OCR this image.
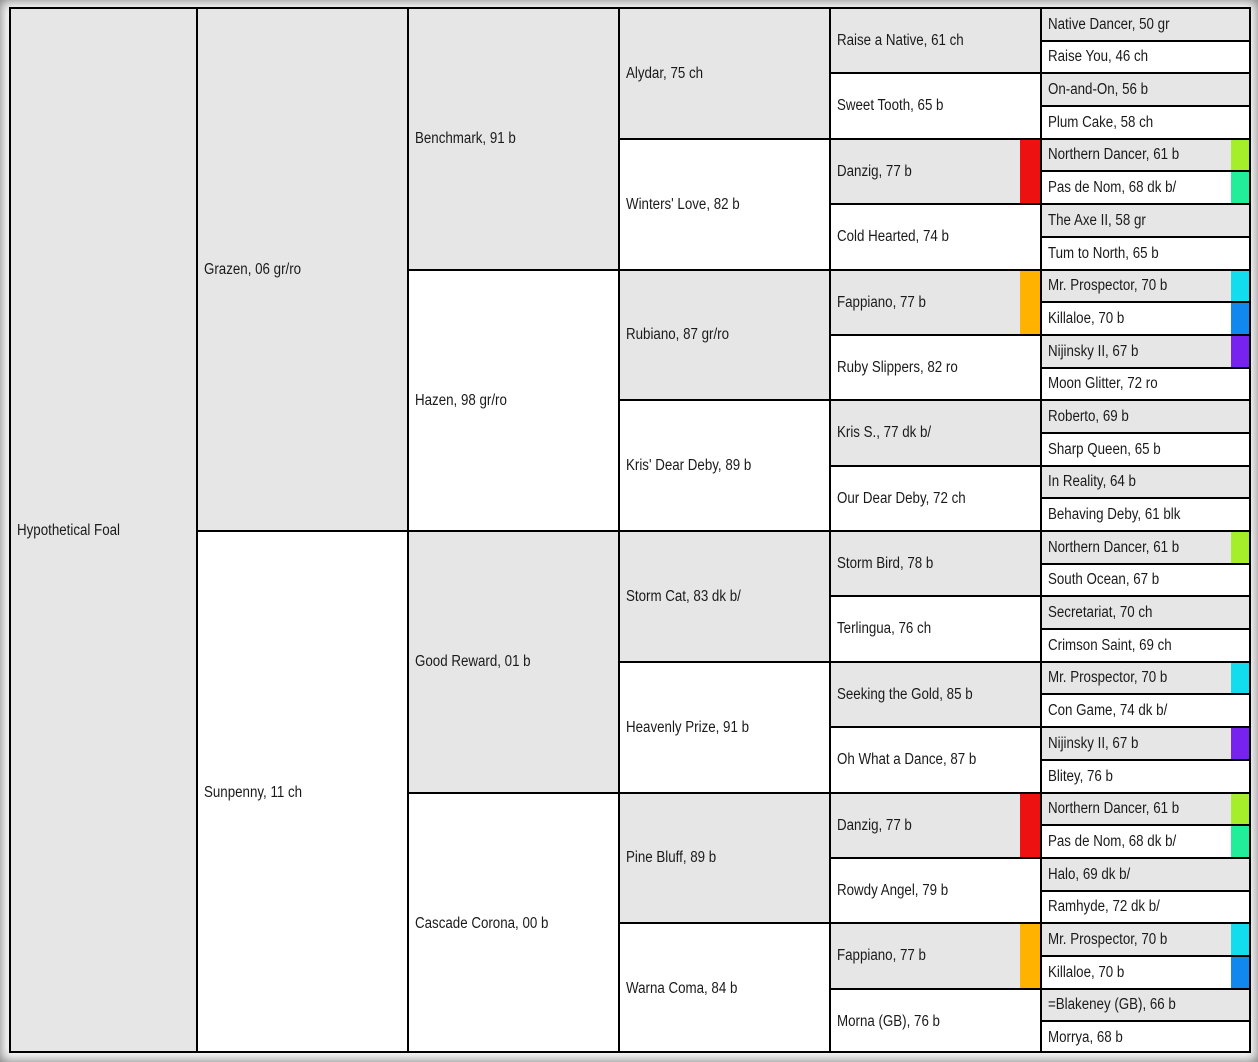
Hypothetical Foal
Grazen, 06 gr/ro
Sunpenny, 11 ch
Benchmark, 91 b
Hazen, 98 gr/ro
Good Reward, 01 b
Cascade Corona, 00 b
Alydar, 75 ch
Winters' Love, 82 b
Rubiano, 87 gr/ro
Kris' Dear Deby, 89 b
Storm Cat, 83 dk b/
Heavenly Prize, 91 b
Pine Bluff, 89 b
Warna Coma, 84 b
Raise a Native, 61 ch
Sweet Tooth, 65 b
Danzig, 77 b
Cold Hearted, 74 b
Fappiano, 77 b
Ruby Slippers, 82 ro
Kris S., 77 dk b/
Our Dear Deby, 72 ch
Storm Bird, 78 b
Terlingua, 76 ch
Seeking the Gold, 85 b
Oh What a Dance, 87 b
Danzig, 77 b
Rowdy Angel, 79 b
Fappiano, 77 b
Morna (GB), 76 b
Native Dancer, 50 gr
Raise You, 46 ch
On-and-On, 56 b
Plum Cake, 58 ch
Northern Dancer, 61 b
Pas de Nom, 68 dk b/
The Axe II, 58 gr
Tum to North, 65 b
Mr. Prospector, 70 b
Killaloe, 70 b
Nijinsky II, 67 b
Moon Glitter, 72 ro
Roberto, 69 b
Sharp Queen, 65 b
In Reality, 64 b
Behaving Deby, 61 blk
Northern Dancer, 61 b
South Ocean, 67 b
Secretariat, 70 ch
Crimson Saint, 69 ch
Mr. Prospector, 70 b
Con Game, 74 dk b/
Nijinsky II, 67 b
Blitey, 76 b
Northern Dancer, 61 b
Pas de Nom, 68 dk b/
Halo, 69 dk b/
Ramhyde, 72 dk b/
Mr. Prospector, 70 b
Killaloe, 70 b
=Blakeney (GB), 66 b
Morrya, 68 b
